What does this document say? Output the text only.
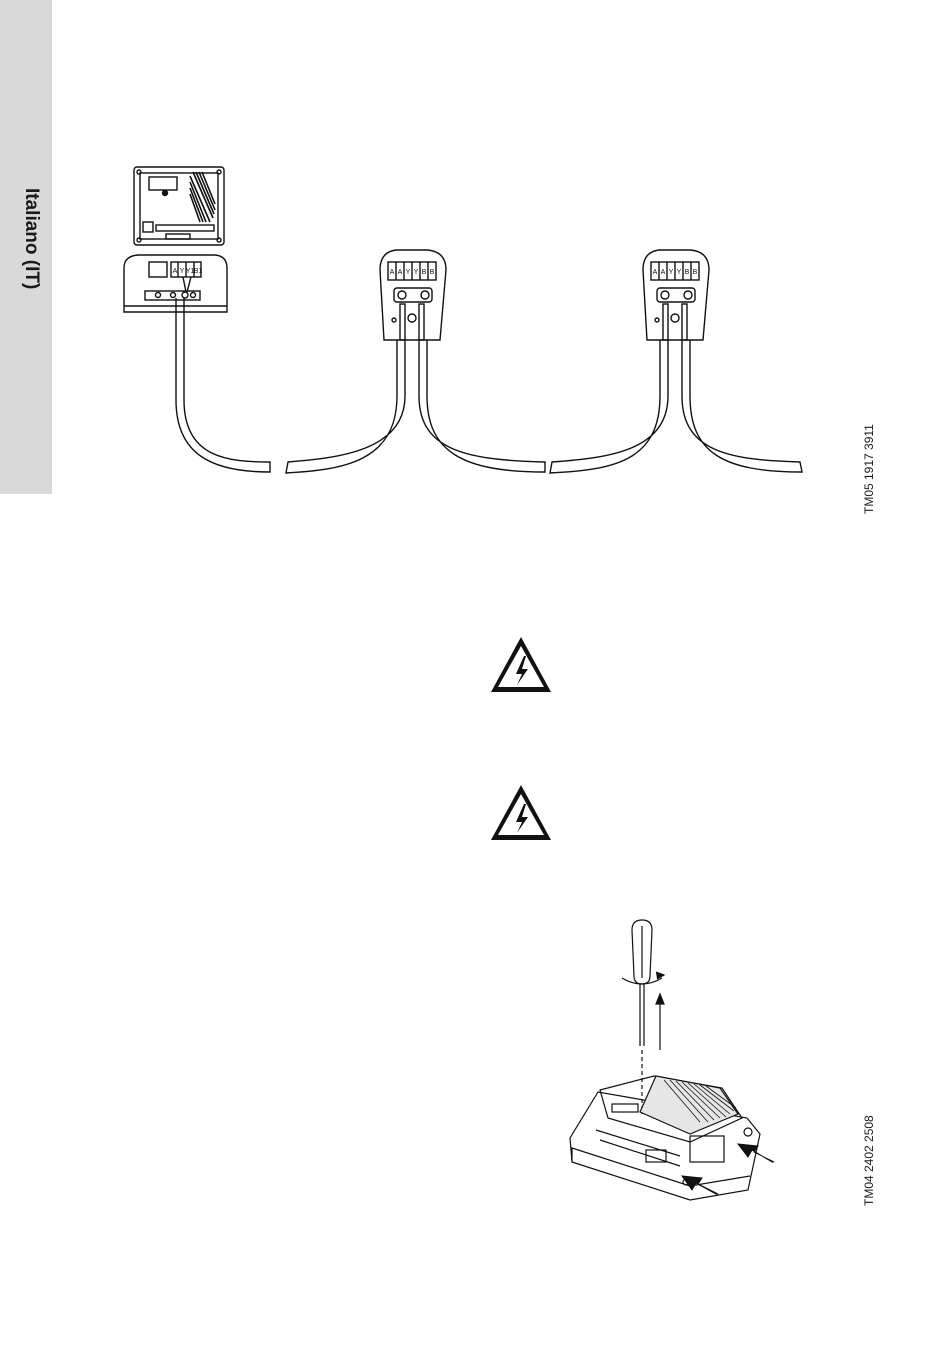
Italiano (IT)	A Y Y1 B1	A A Y Y B B	A A Y Y B B
TM05 1917 3911
TM04 2402 2508
